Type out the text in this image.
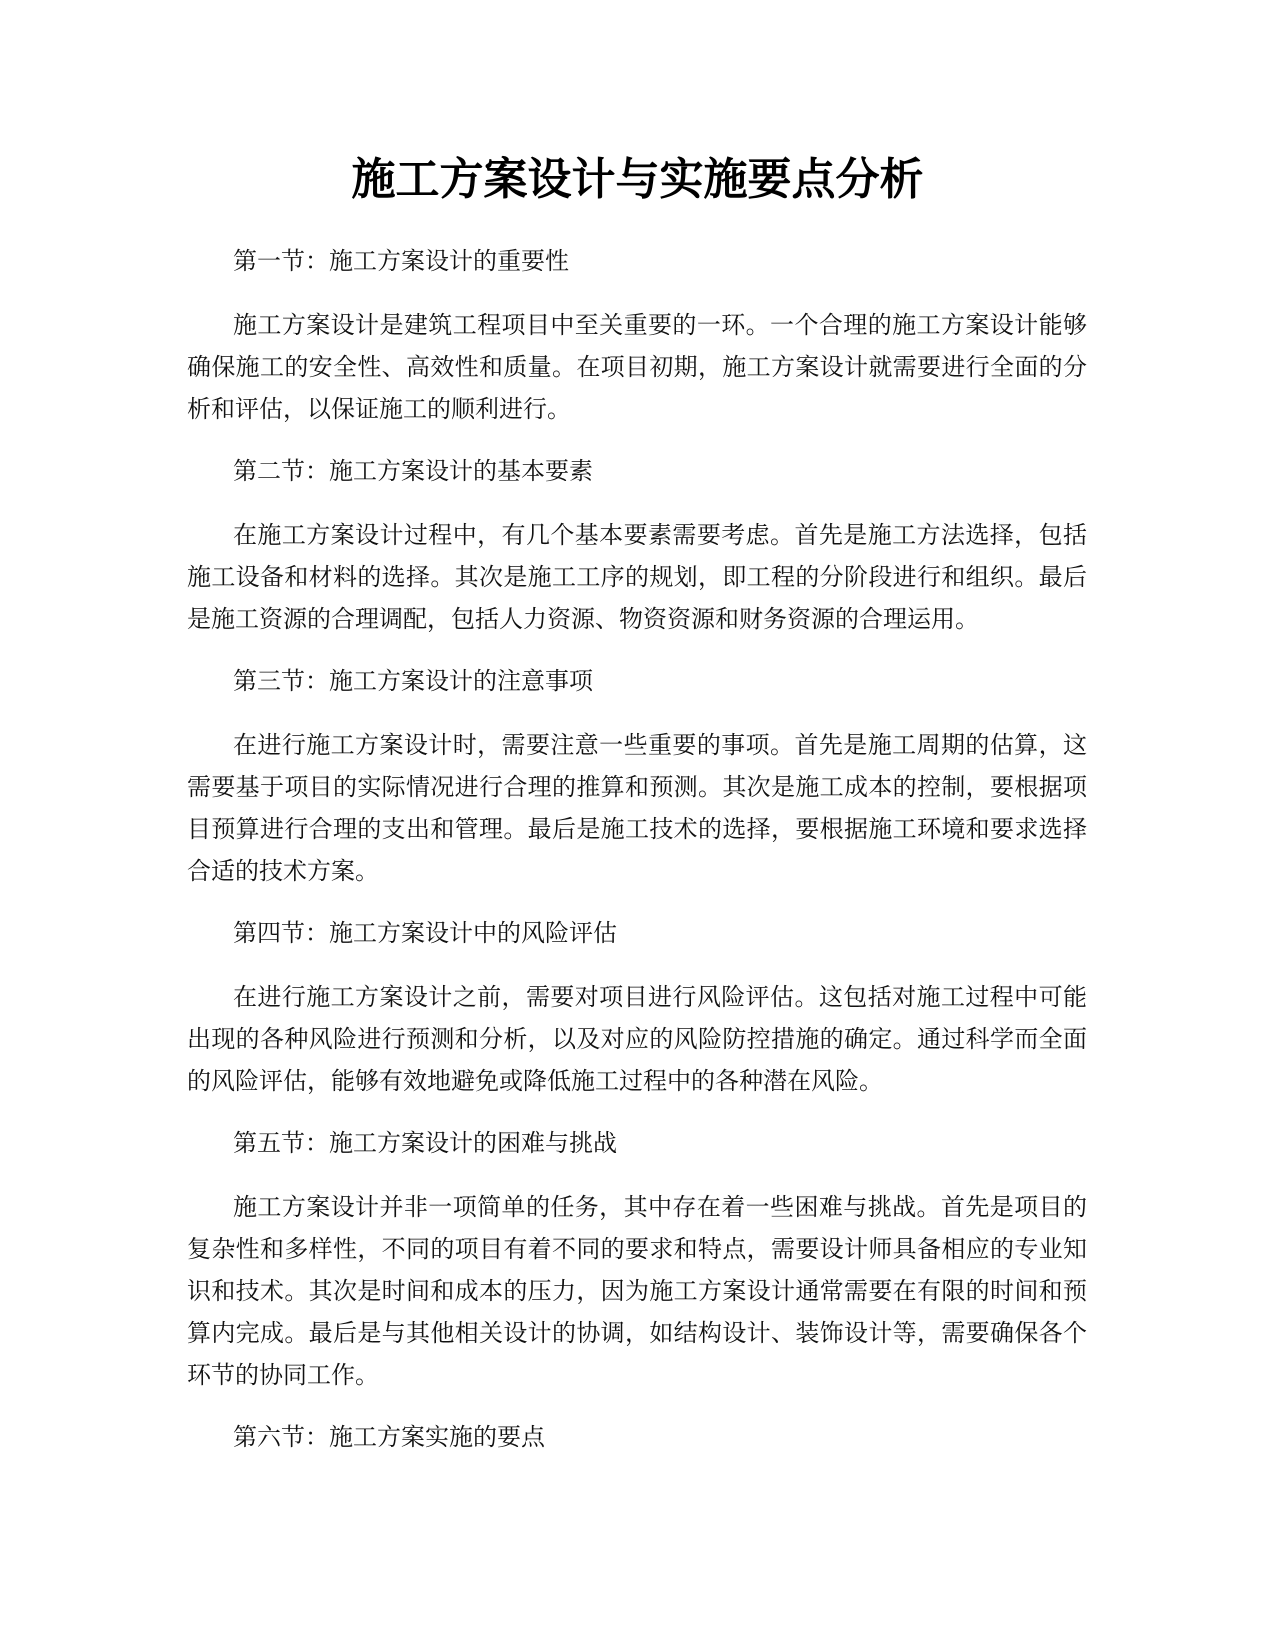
施工方案设计与实施要点分析

第一节：施工方案设计的重要性

施工方案设计是建筑工程项目中至关重要的一环。一个合理的施工方案设计能够确保施工的安全性、高效性和质量。在项目初期，施工方案设计就需要进行全面的分析和评估，以保证施工的顺利进行。

第二节：施工方案设计的基本要素

在施工方案设计过程中，有几个基本要素需要考虑。首先是施工方法选择，包括施工设备和材料的选择。其次是施工工序的规划，即工程的分阶段进行和组织。最后是施工资源的合理调配，包括人力资源、物资资源和财务资源的合理运用。

第三节：施工方案设计的注意事项

在进行施工方案设计时，需要注意一些重要的事项。首先是施工周期的估算，这需要基于项目的实际情况进行合理的推算和预测。其次是施工成本的控制，要根据项目预算进行合理的支出和管理。最后是施工技术的选择，要根据施工环境和要求选择合适的技术方案。

第四节：施工方案设计中的风险评估

在进行施工方案设计之前，需要对项目进行风险评估。这包括对施工过程中可能出现的各种风险进行预测和分析，以及对应的风险防控措施的确定。通过科学而全面的风险评估，能够有效地避免或降低施工过程中的各种潜在风险。

第五节：施工方案设计的困难与挑战

施工方案设计并非一项简单的任务，其中存在着一些困难与挑战。首先是项目的复杂性和多样性，不同的项目有着不同的要求和特点，需要设计师具备相应的专业知识和技术。其次是时间和成本的压力，因为施工方案设计通常需要在有限的时间和预算内完成。最后是与其他相关设计的协调，如结构设计、装饰设计等，需要确保各个环节的协同工作。

第六节：施工方案实施的要点
